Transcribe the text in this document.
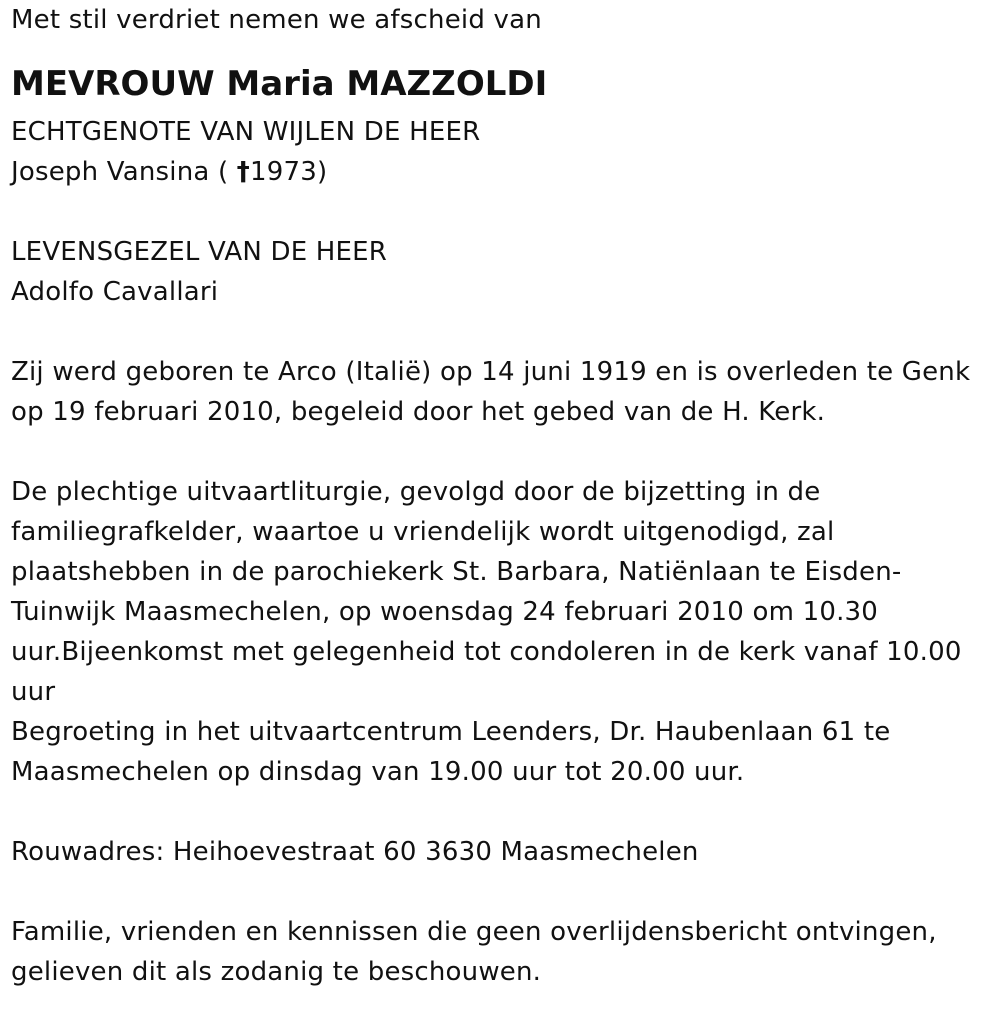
Met stil verdriet nemen we afscheid van
MEVROUW Maria MAZZOLDI
ECHTGENOTE VAN WIJLEN DE HEER
Joseph Vansina ( †1973)
LEVENSGEZEL VAN DE HEER
Adolfo Cavallari
Zij werd geboren te Arco (Italië) op 14 juni 1919 en is overleden te Genk
op 19 februari 2010, begeleid door het gebed van de H. Kerk.
De plechtige uitvaartliturgie, gevolgd door de bijzetting in de
familiegrafkelder, waartoe u vriendelijk wordt uitgenodigd, zal
plaatshebben in de parochiekerk St. Barbara, Natiënlaan te Eisden-
Tuinwijk Maasmechelen, op woensdag 24 februari 2010 om 10.30
uur.Bijeenkomst met gelegenheid tot condoleren in de kerk vanaf 10.00
uur
Begroeting in het uitvaartcentrum Leenders, Dr. Haubenlaan 61 te
Maasmechelen op dinsdag van 19.00 uur tot 20.00 uur.
Rouwadres: Heihoevestraat 60 3630 Maasmechelen
Familie, vrienden en kennissen die geen overlijdensbericht ontvingen,
gelieven dit als zodanig te beschouwen.
